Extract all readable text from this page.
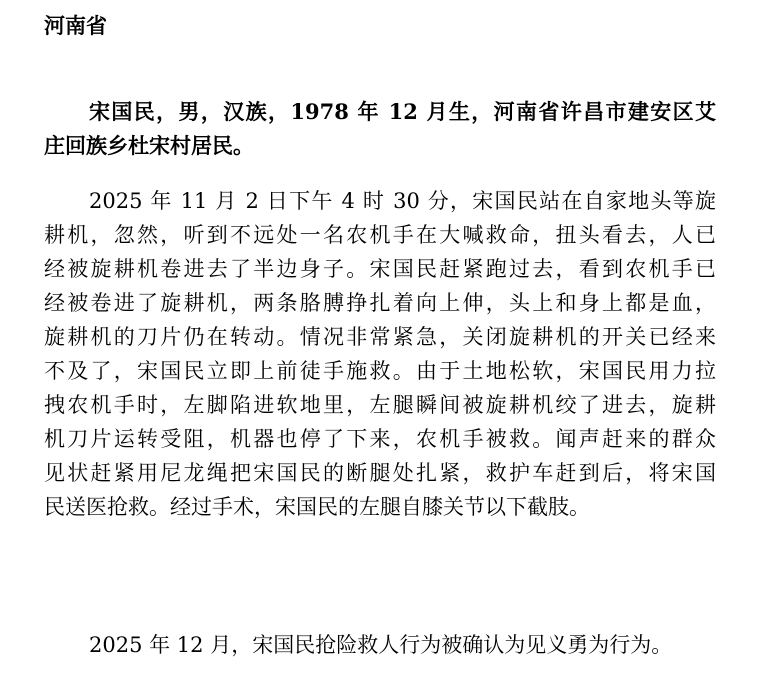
河南省
宋国民，男，汉族，1978 年 12 月生，河南省许昌市建安区艾
庄回族乡杜宋村居民。
2025 年 11 月 2 日下午 4 时 30 分，宋国民站在自家地头等旋
耕机，忽然，听到不远处一名农机手在大喊救命，扭头看去，人已
经被旋耕机卷进去了半边身子。宋国民赶紧跑过去，看到农机手已
经被卷进了旋耕机，两条胳膊挣扎着向上伸，头上和身上都是血，
旋耕机的刀片仍在转动。情况非常紧急，关闭旋耕机的开关已经来
不及了，宋国民立即上前徒手施救。由于土地松软，宋国民用力拉
拽农机手时，左脚陷进软地里，左腿瞬间被旋耕机绞了进去，旋耕
机刀片运转受阻，机器也停了下来，农机手被救。闻声赶来的群众
见状赶紧用尼龙绳把宋国民的断腿处扎紧，救护车赶到后，将宋国
民送医抢救。经过手术，宋国民的左腿自膝关节以下截肢。
2025 年 12 月，宋国民抢险救人行为被确认为见义勇为行为。
